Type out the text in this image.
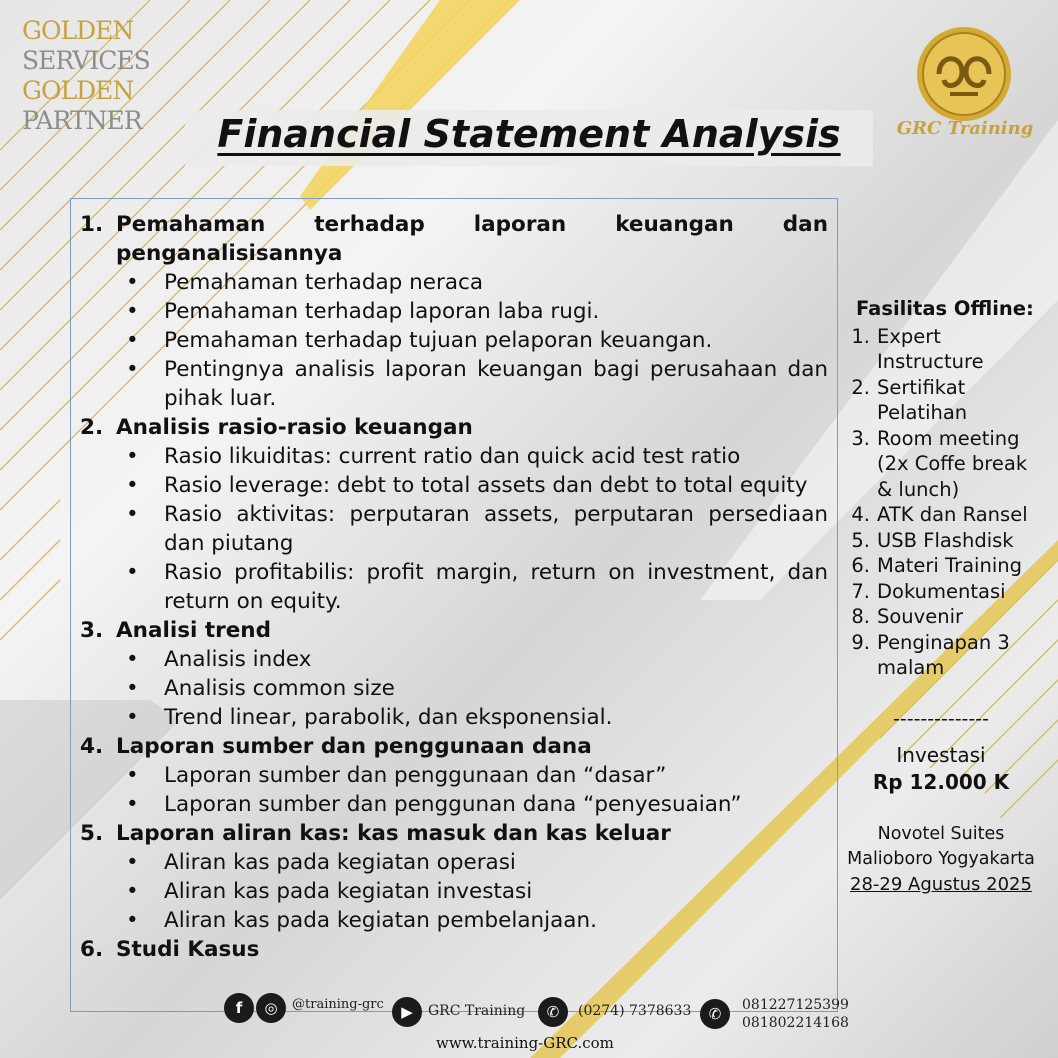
GOLDEN
SERVICES
GOLDEN
PARTNER	GRC Training
Financial Statement Analysis
1. Pemahaman terhadap laporan keuangan dan penganalisisannya
•	Pemahaman terhadap neraca
•	Pemahaman terhadap laporan laba rugi.
•	Pemahaman terhadap tujuan pelaporan keuangan.
•	Pentingnya analisis laporan keuangan bagi perusahaan dan pihak luar.
2. Analisis rasio-rasio keuangan
•	Rasio likuiditas: current ratio dan quick acid test ratio
•	Rasio leverage: debt to total assets dan debt to total equity
•	Rasio aktivitas: perputaran assets, perputaran persediaan dan piutang
•	Rasio profitabilis: profit margin, return on investment, dan return on equity.
3. Analisi trend
•	Analisis index
•	Analisis common size
•	Trend linear, parabolik, dan eksponensial.
4. Laporan sumber dan penggunaan dana
•	Laporan sumber dan penggunaan dan “dasar”
•	Laporan sumber dan penggunan dana “penyesuaian”
5. Laporan aliran kas: kas masuk dan kas keluar
•	Aliran kas pada kegiatan operasi
•	Aliran kas pada kegiatan investasi
•	Aliran kas pada kegiatan pembelanjaan.
6. Studi Kasus
Fasilitas Offline:
1. Expert Instructure
2. Sertifikat Pelatihan
3. Room meeting (2x Coffe break & lunch)
4. ATK dan Ransel
5. USB Flashdisk
6. Materi Training
7. Dokumentasi
8. Souvenir
9. Penginapan 3 malam
--------------
Investasi
Rp 12.000 K
Novotel Suites
Malioboro Yogyakarta
28-29 Agustus 2025
f	◎	@training-grc	▶	GRC Training	✆	(0274) 7378633	✆	081227125399
081802214168
www.training-GRC.com
